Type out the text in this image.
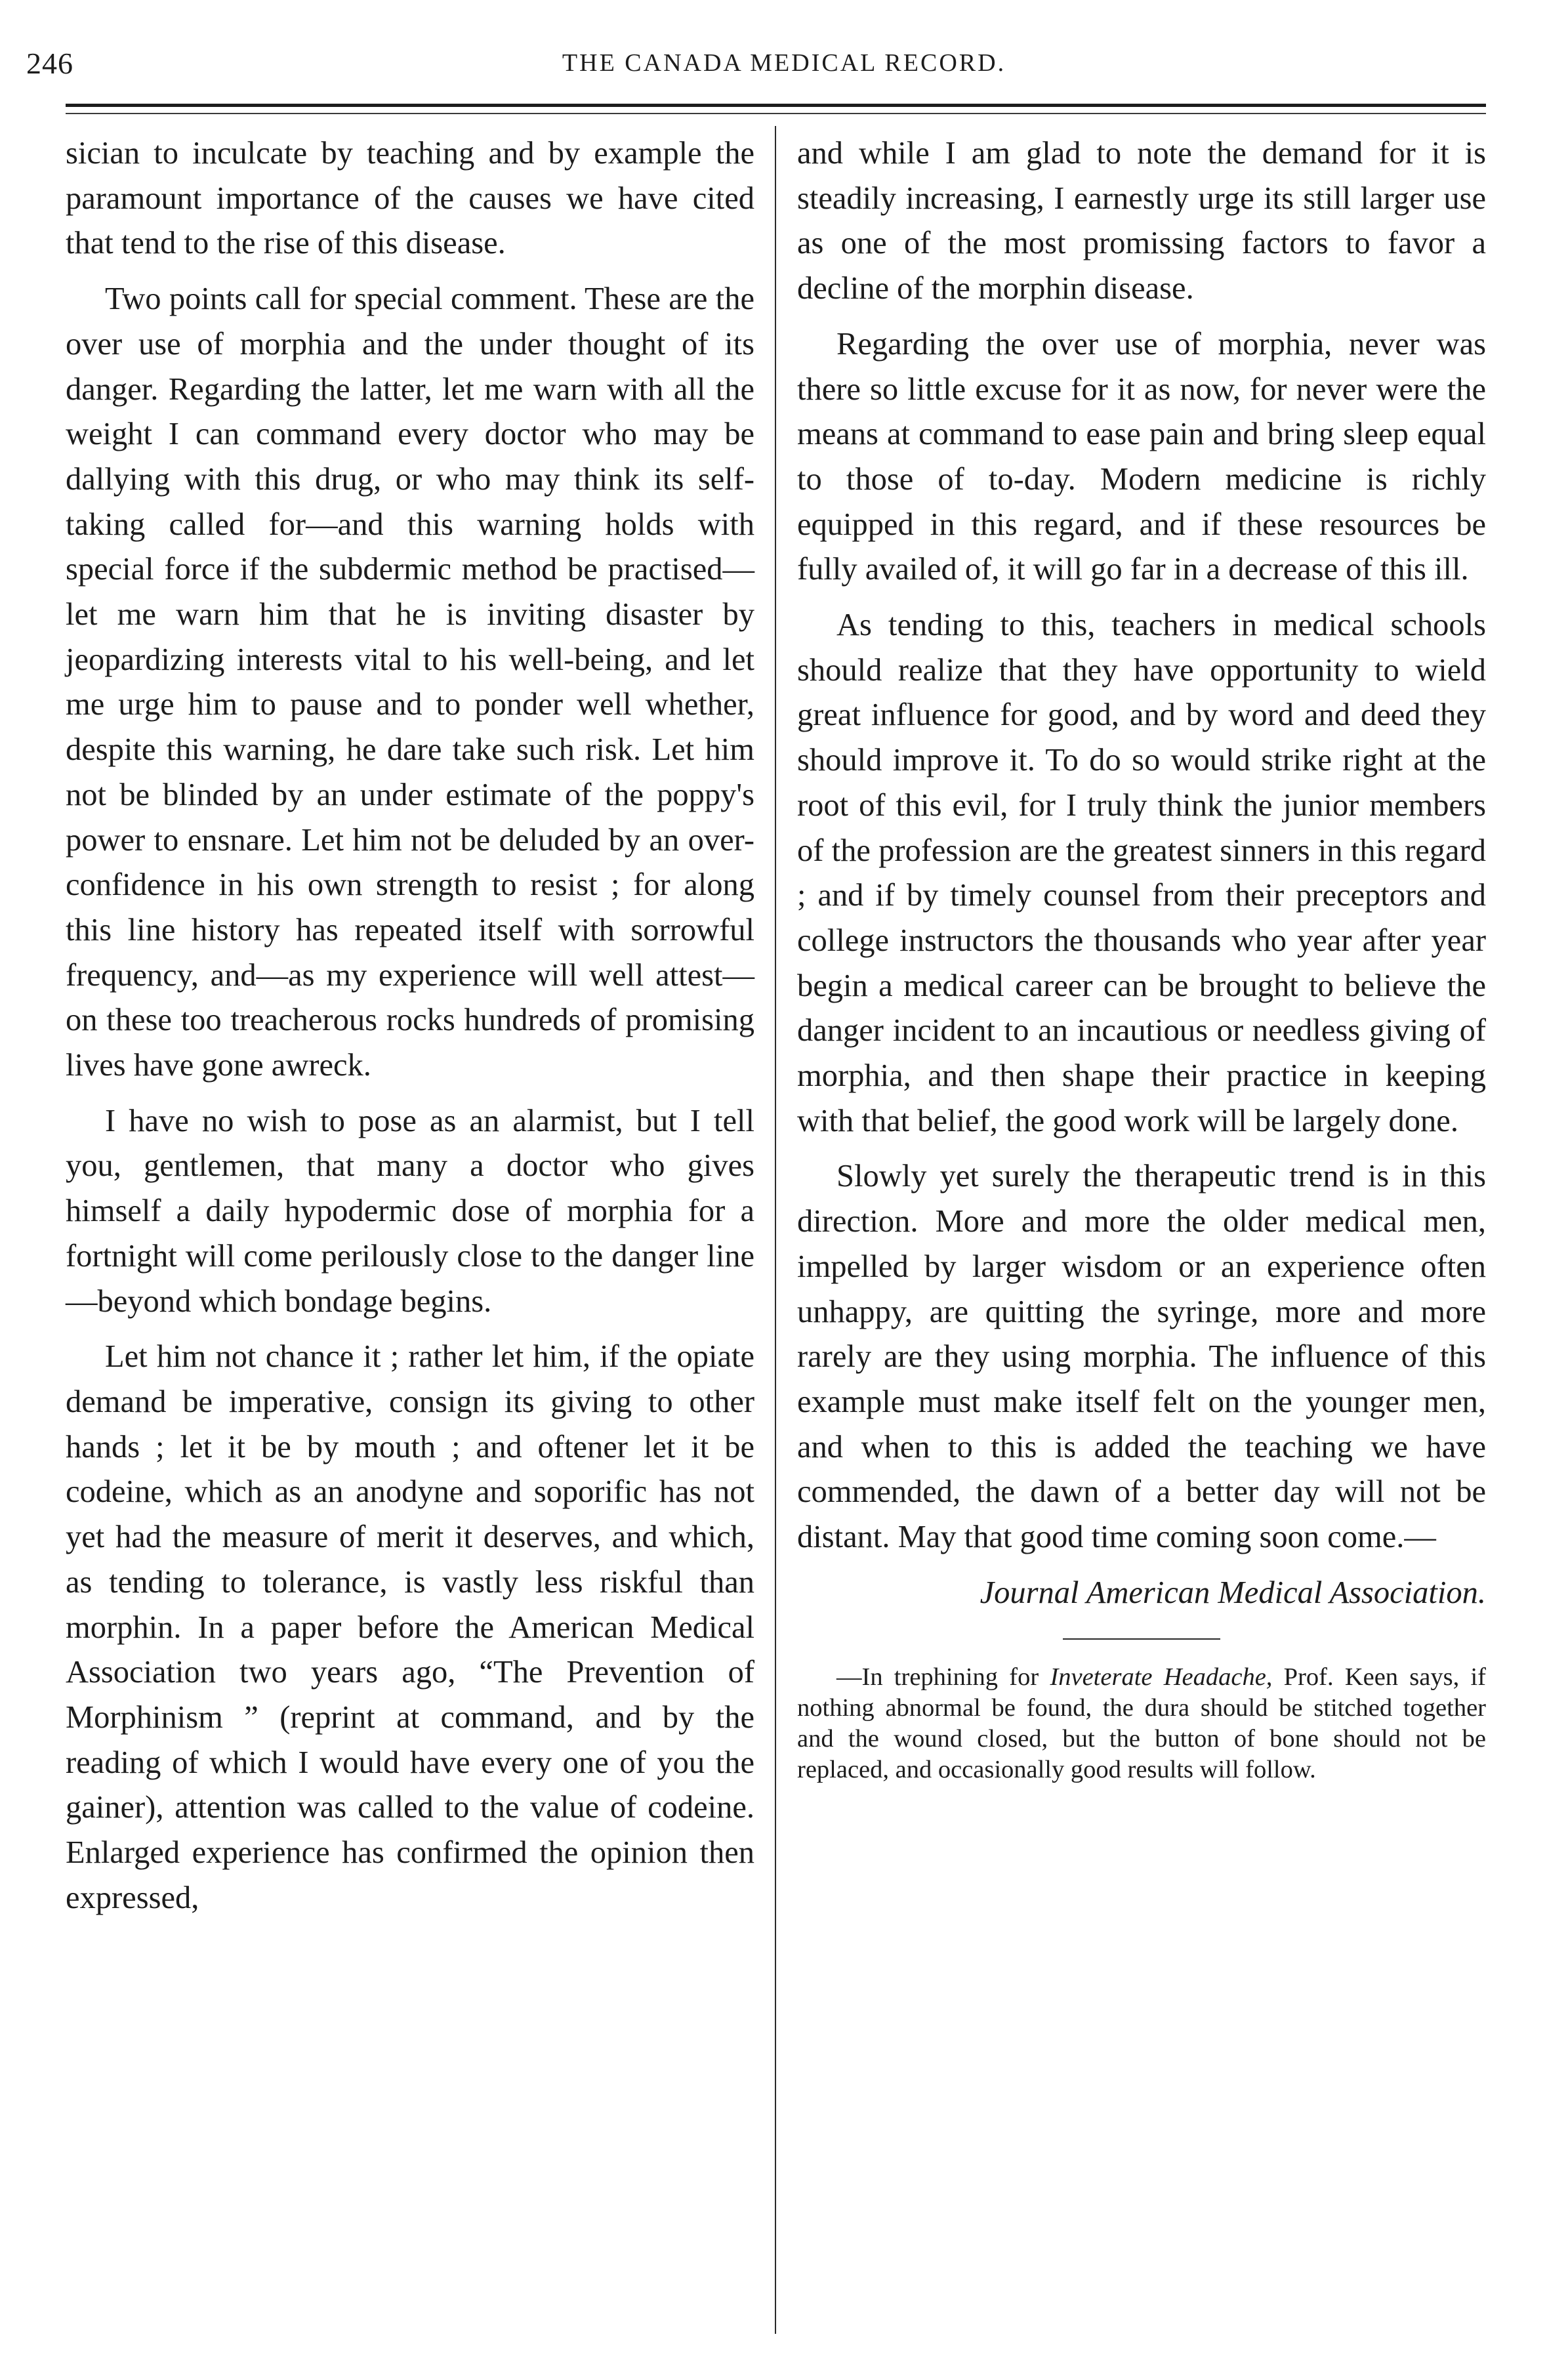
246	THE CANADA MEDICAL RECORD.

sician to inculcate by teaching and by example the paramount importance of the causes we have cited that tend to the rise of this disease.

Two points call for special comment. These are the over use of morphia and the under thought of its danger. Regarding the latter, let me warn with all the weight I can command every doctor who may be dallying with this drug, or who may think its self-taking called for—and this warning holds with special force if the subdermic method be practised—let me warn him that he is inviting disaster by jeopardizing interests vital to his well-being, and let me urge him to pause and to ponder well whether, despite this warning, he dare take such risk. Let him not be blinded by an under estimate of the poppy's power to ensnare. Let him not be deluded by an over-confidence in his own strength to resist ; for along this line history has repeated itself with sorrowful frequency, and—as my experience will well attest—on these too treacherous rocks hundreds of promising lives have gone awreck.

I have no wish to pose as an alarmist, but I tell you, gentlemen, that many a doctor who gives himself a daily hypodermic dose of morphia for a fortnight will come perilously close to the danger line—beyond which bondage begins.

Let him not chance it ; rather let him, if the opiate demand be imperative, consign its giving to other hands ; let it be by mouth ; and oftener let it be codeine, which as an anodyne and soporific has not yet had the measure of merit it deserves, and which, as tending to tolerance, is vastly less riskful than morphin. In a paper before the American Medical Association two years ago, “The Prevention of Morphinism ” (reprint at command, and by the reading of which I would have every one of you the gainer), attention was called to the value of codeine. Enlarged experience has confirmed the opinion then expressed,

and while I am glad to note the demand for it is steadily increasing, I earnestly urge its still larger use as one of the most promissing factors to favor a decline of the morphin disease.

Regarding the over use of morphia, never was there so little excuse for it as now, for never were the means at command to ease pain and bring sleep equal to those of to-day. Modern medicine is richly equipped in this regard, and if these resources be fully availed of, it will go far in a decrease of this ill.

As tending to this, teachers in medical schools should realize that they have opportunity to wield great influence for good, and by word and deed they should improve it. To do so would strike right at the root of this evil, for I truly think the junior members of the profession are the greatest sinners in this regard ; and if by timely counsel from their preceptors and college instructors the thousands who year after year begin a medical career can be brought to believe the danger incident to an incautious or needless giving of morphia, and then shape their practice in keeping with that belief, the good work will be largely done.

Slowly yet surely the therapeutic trend is in this direction. More and more the older medical men, impelled by larger wisdom or an experience often unhappy, are quitting the syringe, more and more rarely are they using morphia. The influence of this example must make itself felt on the younger men, and when to this is added the teaching we have commended, the dawn of a better day will not be distant. May that good time coming soon come.—

Journal American Medical Association.

—In trephining for Inveterate Headache, Prof. Keen says, if nothing abnormal be found, the dura should be stitched together and the wound closed, but the button of bone should not be replaced, and occasionally good results will follow.
